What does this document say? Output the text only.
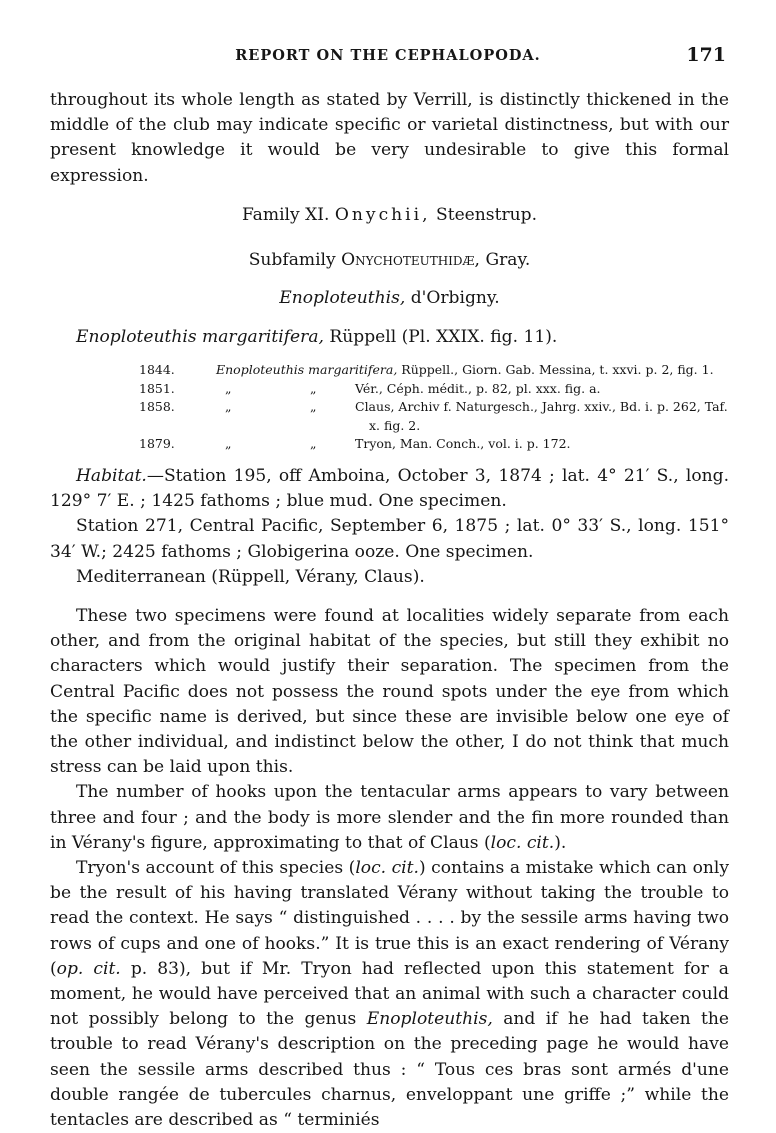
REPORT ON THE CEPHALOPODA.	171

throughout its whole length as stated by Verrill, is distinctly thickened in the middle of the club may indicate specific or varietal distinctness, but with our present knowledge it would be very undesirable to give this formal expression.

Family XI. Onychii, Steenstrup.
Subfamily Onychoteuthidæ, Gray.
Enoploteuthis, d'Orbigny.
Enoploteuthis margaritifera, Rüppell (Pl. XXIX. fig. 11).
1844.	Enoploteuthis margaritifera, Rüppell., Giorn. Gab. Messina, t. xxvi. p. 2, fig. 1.
1851.	„	„	Vér., Céph. médit., p. 82, pl. xxx. fig. a.
1858.	„	„	Claus, Archiv f. Naturgesch., Jahrg. xxiv., Bd. i. p. 262, Taf.
x. fig. 2.
1879.	„	„	Tryon, Man. Conch., vol. i. p. 172.

Habitat.—Station 195, off Amboina, October 3, 1874 ; lat. 4° 21′ S., long. 129° 7′ E. ; 1425 fathoms ; blue mud. One specimen.

Station 271, Central Pacific, September 6, 1875 ; lat. 0° 33′ S., long. 151° 34′ W.; 2425 fathoms ; Globigerina ooze. One specimen.

Mediterranean (Rüppell, Vérany, Claus).

These two specimens were found at localities widely separate from each other, and from the original habitat of the species, but still they exhibit no characters which would justify their separation. The specimen from the Central Pacific does not possess the round spots under the eye from which the specific name is derived, but since these are invisible below one eye of the other individual, and indistinct below the other, I do not think that much stress can be laid upon this.

The number of hooks upon the tentacular arms appears to vary between three and four ; and the body is more slender and the fin more rounded than in Vérany's figure, approximating to that of Claus (loc. cit.).

Tryon's account of this species (loc. cit.) contains a mistake which can only be the result of his having translated Vérany without taking the trouble to read the context. He says “ distinguished . . . . by the sessile arms having two rows of cups and one of hooks.” It is true this is an exact rendering of Vérany (op. cit. p. 83), but if Mr. Tryon had reflected upon this statement for a moment, he would have perceived that an animal with such a character could not possibly belong to the genus Enoploteuthis, and if he had taken the trouble to read Vérany's description on the preceding page he would have seen the sessile arms described thus : “ Tous ces bras sont armés d'une double rangée de tubercules charnus, enveloppant une griffe ;” while the tentacles are described as “ terminiés
